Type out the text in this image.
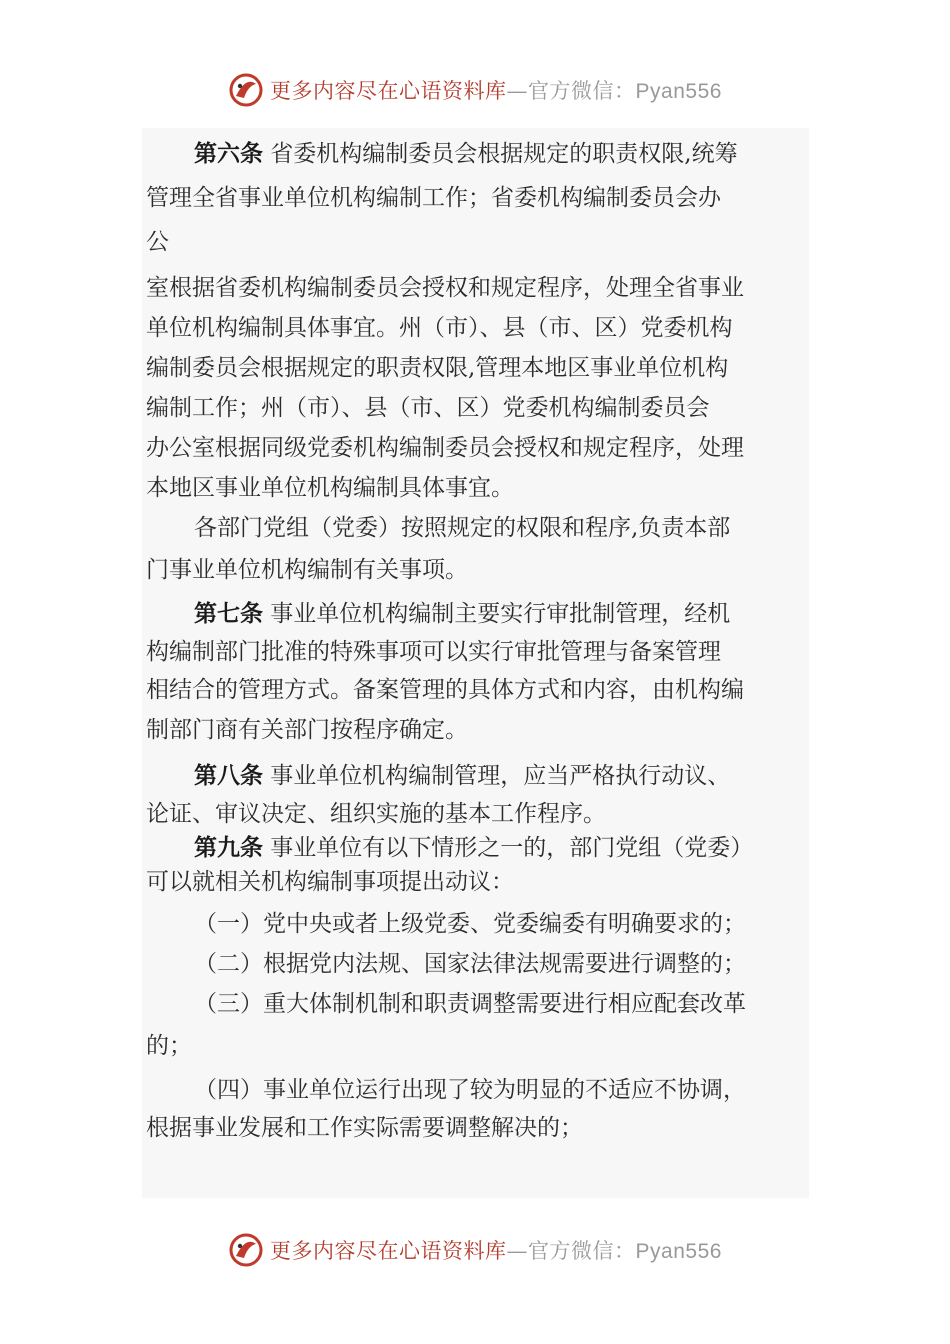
更多内容尽在心语资料库—官方微信：Pyan556
第六条 省委机构编制委员会根据规定的职责权限,统筹
管理全省事业单位机构编制工作；省委机构编制委员会办
公
室根据省委机构编制委员会授权和规定程序，处理全省事业
单位机构编制具体事宜。州（市）、县（市、区）党委机构
编制委员会根据规定的职责权限,管理本地区事业单位机构
编制工作；州（市）、县（市、区）党委机构编制委员会
办公室根据同级党委机构编制委员会授权和规定程序，处理
本地区事业单位机构编制具体事宜。
各部门党组（党委）按照规定的权限和程序,负责本部
门事业单位机构编制有关事项。
第七条 事业单位机构编制主要实行审批制管理，经机
构编制部门批准的特殊事项可以实行审批管理与备案管理
相结合的管理方式。备案管理的具体方式和内容，由机构编
制部门商有关部门按程序确定。
第八条 事业单位机构编制管理，应当严格执行动议、
论证、审议决定、组织实施的基本工作程序。
第九条 事业单位有以下情形之一的，部门党组（党委）
可以就相关机构编制事项提出动议：
（一）党中央或者上级党委、党委编委有明确要求的；
（二）根据党内法规、国家法律法规需要进行调整的；
（三）重大体制机制和职责调整需要进行相应配套改革
的；
（四）事业单位运行出现了较为明显的不适应不协调，
根据事业发展和工作实际需要调整解决的；
更多内容尽在心语资料库—官方微信：Pyan556
